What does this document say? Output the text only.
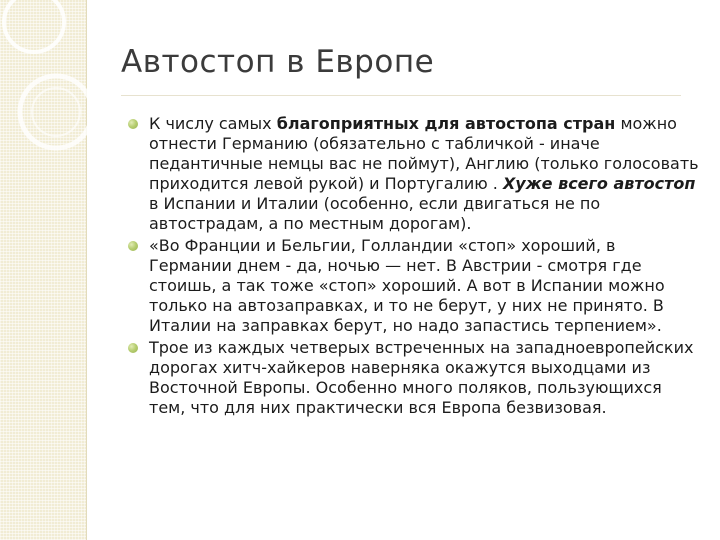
Автостоп в Европе
К числу самых благоприятных для автостопа стран можно отнести Германию (обязательно с табличкой - иначе педантичные немцы вас не поймут), Англию (только голосовать приходится левой рукой) и Португалию . Хуже всего автостоп в Испании и Италии (особенно, если двигаться не по автострадам, а по местным дорогам).
«Во Франции и Бельгии, Голландии «стоп» хороший, в Германии днем - да, ночью — нет. В Австрии - смотря где стоишь, а так тоже «стоп» хороший. А вот в Испании можно только на автозаправках, и то не берут, у них не принято. В Италии на заправках берут, но надо запастись терпением».
Трое из каждых четверых встреченных на западноевропейских дорогах хитч-хайкеров наверняка окажутся выходцами из Восточной Европы. Особенно много поляков, пользующихся тем, что для них практически вся Европа безвизовая.
